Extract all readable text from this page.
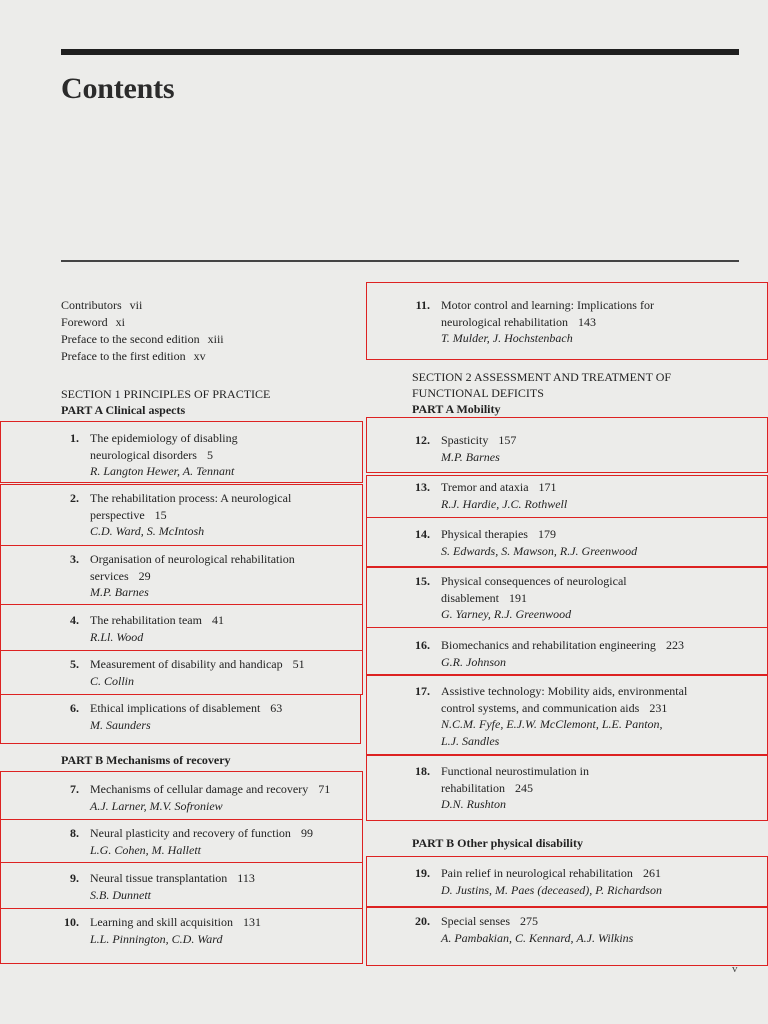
Contents
Contributors vii
Foreword xi
Preface to the second edition xiii
Preface to the first edition xv
SECTION 1 PRINCIPLES OF PRACTICE
PART A Clinical aspects
PART B Mechanisms of recovery
SECTION 2 ASSESSMENT AND TREATMENT OF
FUNCTIONAL DEFICITS
PART A Mobility
PART B Other physical disability
1. The epidemiology of disabling
neurological disorders 5
R. Langton Hewer, A. Tennant
2. The rehabilitation process: A neurological
perspective 15
C.D. Ward, S. McIntosh
3. Organisation of neurological rehabilitation
services 29
M.P. Barnes
4. The rehabilitation team 41
R.Ll. Wood
5. Measurement of disability and handicap 51
C. Collin
6. Ethical implications of disablement 63
M. Saunders
7. Mechanisms of cellular damage and recovery 71
A.J. Larner, M.V. Sofroniew
8. Neural plasticity and recovery of function 99
L.G. Cohen, M. Hallett
9. Neural tissue transplantation 113
S.B. Dunnett
10. Learning and skill acquisition 131
L.L. Pinnington, C.D. Ward
11. Motor control and learning: Implications for
neurological rehabilitation 143
T. Mulder, J. Hochstenbach
12. Spasticity 157
M.P. Barnes
13. Tremor and ataxia 171
R.J. Hardie, J.C. Rothwell
14. Physical therapies 179
S. Edwards, S. Mawson, R.J. Greenwood
15. Physical consequences of neurological
disablement 191
G. Yarney, R.J. Greenwood
16. Biomechanics and rehabilitation engineering 223
G.R. Johnson
17. Assistive technology: Mobility aids, environmental
control systems, and communication aids 231
N.C.M. Fyfe, E.J.W. McClemont, L.E. Panton,
L.J. Sandles
18. Functional neurostimulation in
rehabilitation 245
D.N. Rushton
19. Pain relief in neurological rehabilitation 261
D. Justins, M. Paes (deceased), P. Richardson
20. Special senses 275
A. Pambakian, C. Kennard, A.J. Wilkins
v
